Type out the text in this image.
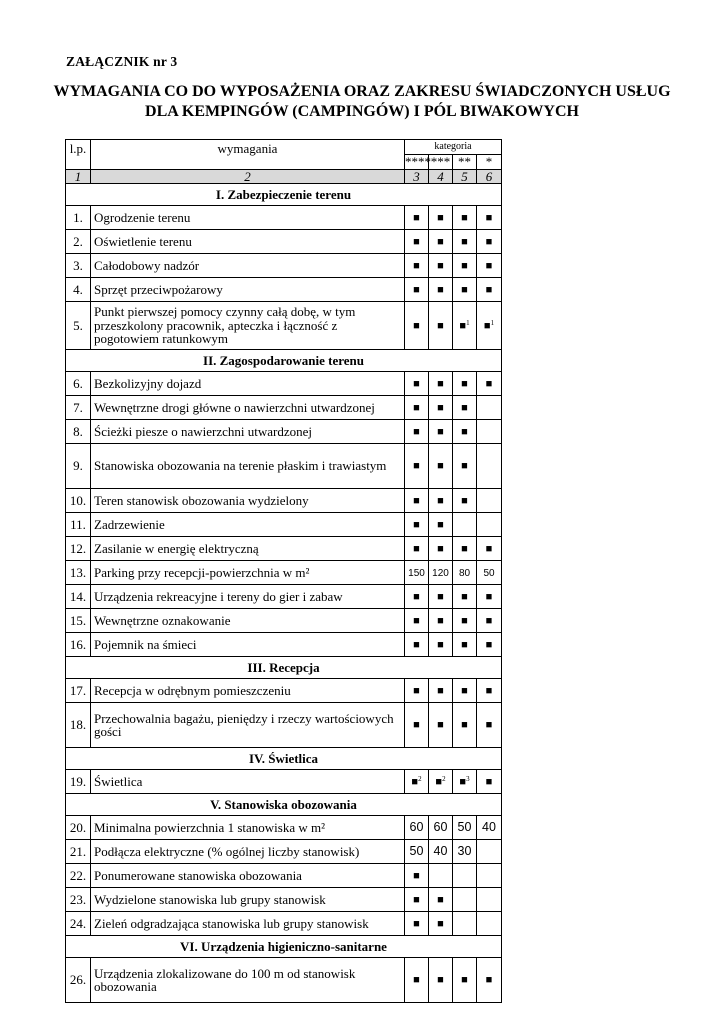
ZAŁĄCZNIK nr 3
WYMAGANIA CO DO WYPOSAŻENIA ORAZ ZAKRESU ŚWIADCZONYCH USŁUG DLA KEMPINGÓW (CAMPINGÓW) I PÓL BIWAKOWYCH
l.p.	wymagania	kategoria			
		****	***	**	*
1	2	3	4	5	6
I. Zabezpieczenie terenu					
1.	Ogrodzenie terenu	■	■	■	■
2.	Oświetlenie terenu	■	■	■	■
3.	Całodobowy nadzór	■	■	■	■
4.	Sprzęt przeciwpożarowy	■	■	■	■
5.	Punkt pierwszej pomocy czynny całą dobę, w tym przeszkolony pracownik, apteczka i łączność z pogotowiem ratunkowym	■	■	■$^1$	■$^1$
II. Zagospodarowanie terenu					
6.	Bezkolizyjny dojazd	■	■	■	■
7.	Wewnętrzne drogi główne o nawierzchni utwardzonej	■	■	■	
8.	Ścieżki piesze o nawierzchni utwardzonej	■	■	■	
9.	Stanowiska obozowania na terenie płaskim i trawiastym	■	■	■	
10.	Teren stanowisk obozowania wydzielony	■	■	■	
11.	Zadrzewienie	■	■		
12.	Zasilanie w energię elektryczną	■	■	■	■
13.	Parking przy recepcji-powierzchnia w m²	150	120	80	50
14.	Urządzenia rekreacyjne i tereny do gier i zabaw	■	■	■	■
15.	Wewnętrzne oznakowanie	■	■	■	■
16.	Pojemnik na śmieci	■	■	■	■
III. Recepcja					
17.	Recepcja w odrębnym pomieszczeniu	■	■	■	■
18.	Przechowalnia bagażu, pieniędzy i rzeczy wartościowych gości	■	■	■	■
IV. Świetlica					
19.	Świetlica	■$^2$	■$^2$	■$^3$	■
V. Stanowiska obozowania					
20.	Minimalna powierzchnia 1 stanowiska w m²	60	60	50	40
21.	Podłącza elektryczne (% ogólnej liczby stanowisk)	50	40	30	
22.	Ponumerowane stanowiska obozowania	■			
23.	Wydzielone stanowiska lub grupy stanowisk	■	■		
24.	Zieleń odgradzająca stanowiska lub grupy stanowisk	■	■		
VI. Urządzenia higieniczno-sanitarne					
26.	Urządzenia zlokalizowane do 100 m od stanowisk obozowania	■	■	■	■
